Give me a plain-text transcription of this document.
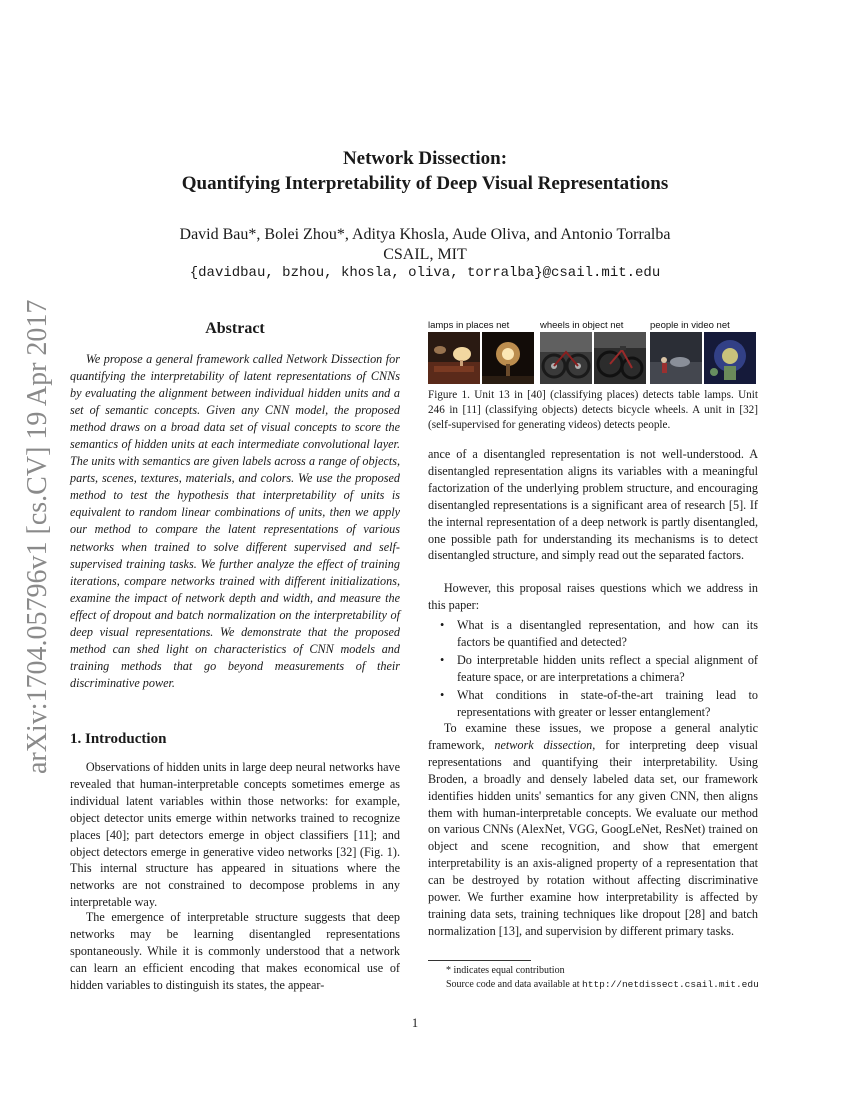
arXiv:1704.05796v1 [cs.CV] 19 Apr 2017
Network Dissection:
Quantifying Interpretability of Deep Visual Representations
David Bau*, Bolei Zhou*, Aditya Khosla, Aude Oliva, and Antonio Torralba
CSAIL, MIT
{davidbau, bzhou, khosla, oliva, torralba}@csail.mit.edu
Abstract

We propose a general framework called Network Dissection for quantifying the interpretability of latent representations of CNNs by evaluating the alignment between individual hidden units and a set of semantic concepts. Given any CNN model, the proposed method draws on a broad data set of visual concepts to score the semantics of hidden units at each intermediate convolutional layer. The units with semantics are given labels across a range of objects, parts, scenes, textures, materials, and colors. We use the proposed method to test the hypothesis that interpretability of units is equivalent to random linear combinations of units, then we apply our method to compare the latent representations of various networks when trained to solve different supervised and self-supervised training tasks. We further analyze the effect of training iterations, compare networks trained with different initializations, examine the impact of network depth and width, and measure the effect of dropout and batch normalization on the interpretability of deep visual representations. We demonstrate that the proposed method can shed light on characteristics of CNN models and training methods that go beyond measurements of their discriminative power.

1. Introduction

Observations of hidden units in large deep neural networks have revealed that human-interpretable concepts sometimes emerge as individual latent variables within those networks: for example, object detector units emerge within networks trained to recognize places [40]; part detectors emerge in object classifiers [11]; and object detectors emerge in generative video networks [32] (Fig. 1). This internal structure has appeared in situations where the networks are not constrained to decompose problems in any interpretable way.

The emergence of interpretable structure suggests that deep networks may be learning disentangled representations spontaneously. While it is commonly understood that a network can learn an efficient encoding that makes economical use of hidden variables to distinguish its states, the appear-

lamps in places net	wheels in object net	people in video net

Figure 1. Unit 13 in [40] (classifying places) detects table lamps. Unit 246 in [11] (classifying objects) detects bicycle wheels. A unit in [32] (self-supervised for generating videos) detects people.

ance of a disentangled representation is not well-understood. A disentangled representation aligns its variables with a meaningful factorization of the underlying problem structure, and encouraging disentangled representations is a significant area of research [5]. If the internal representation of a deep network is partly disentangled, one possible path for understanding its mechanisms is to detect disentangled structure, and simply read out the separated factors.

However, this proposal raises questions which we address in this paper:

• What is a disentangled representation, and how can its factors be quantified and detected?
• Do interpretable hidden units reflect a special alignment of feature space, or are interpretations a chimera?
• What conditions in state-of-the-art training lead to representations with greater or lesser entanglement?

To examine these issues, we propose a general analytic framework, network dissection, for interpreting deep visual representations and quantifying their interpretability. Using Broden, a broadly and densely labeled data set, our framework identifies hidden units' semantics for any given CNN, then aligns them with human-interpretable concepts. We evaluate our method on various CNNs (AlexNet, VGG, GoogLeNet, ResNet) trained on object and scene recognition, and show that emergent interpretability is an axis-aligned property of a representation that can be destroyed by rotation without affecting discriminative power. We further examine how interpretability is affected by training data sets, training techniques like dropout [28] and batch normalization [13], and supervision by different primary tasks.

* indicates equal contribution

Source code and data available at http://netdissect.csail.mit.edu

1
